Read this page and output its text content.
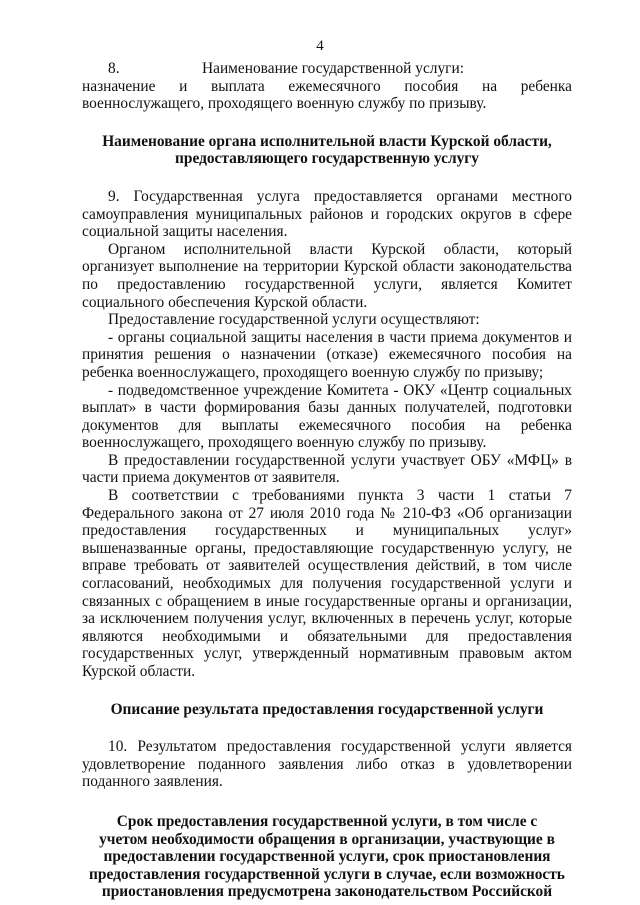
4
8.	Наименование государственной услуги:

назначение и выплата ежемесячного пособия на ребенка военнослужащего, проходящего военную службу по призыву.

Наименование органа исполнительной власти Курской области,
предоставляющего государственную услугу

9. Государственная услуга предоставляется органами местного самоуправления муниципальных районов и городских округов в сфере социальной защиты населения.

Органом исполнительной власти Курской области, который организует выполнение на территории Курской области законодательства по предоставлению государственной услуги, является Комитет социального обеспечения Курской области.

Предоставление государственной услуги осуществляют:

- органы социальной защиты населения в части приема документов и принятия решения о назначении (отказе) ежемесячного пособия на ребенка военнослужащего, проходящего военную службу по призыву;

- подведомственное учреждение Комитета - ОКУ «Центр социальных выплат» в части формирования базы данных получателей, подготовки документов для выплаты ежемесячного пособия на ребенка военнослужащего, проходящего военную службу по призыву.

В предоставлении государственной услуги участвует ОБУ «МФЦ» в части приема документов от заявителя.

В соответствии с требованиями пункта 3 части 1 статьи 7 Федерального закона от 27 июля 2010 года № 210-ФЗ «Об организации предоставления государственных и муниципальных услуг» вышеназванные органы, предоставляющие государственную услугу, не вправе требовать от заявителей осуществления действий, в том числе согласований, необходимых для получения государственной услуги и связанных с обращением в иные государственные органы и организации, за исключением получения услуг, включенных в перечень услуг, которые являются необходимыми и обязательными для предоставления государственных услуг, утвержденный нормативным правовым актом Курской области.

Описание результата предоставления государственной услуги

10. Результатом предоставления государственной услуги является удовлетворение поданного заявления либо отказ в удовлетворении поданного заявления.

Срок предоставления государственной услуги, в том числе с
учетом необходимости обращения в организации, участвующие в
предоставлении государственной услуги, срок приостановления
предоставления государственной услуги в случае, если возможность
приостановления предусмотрена законодательством Российской
